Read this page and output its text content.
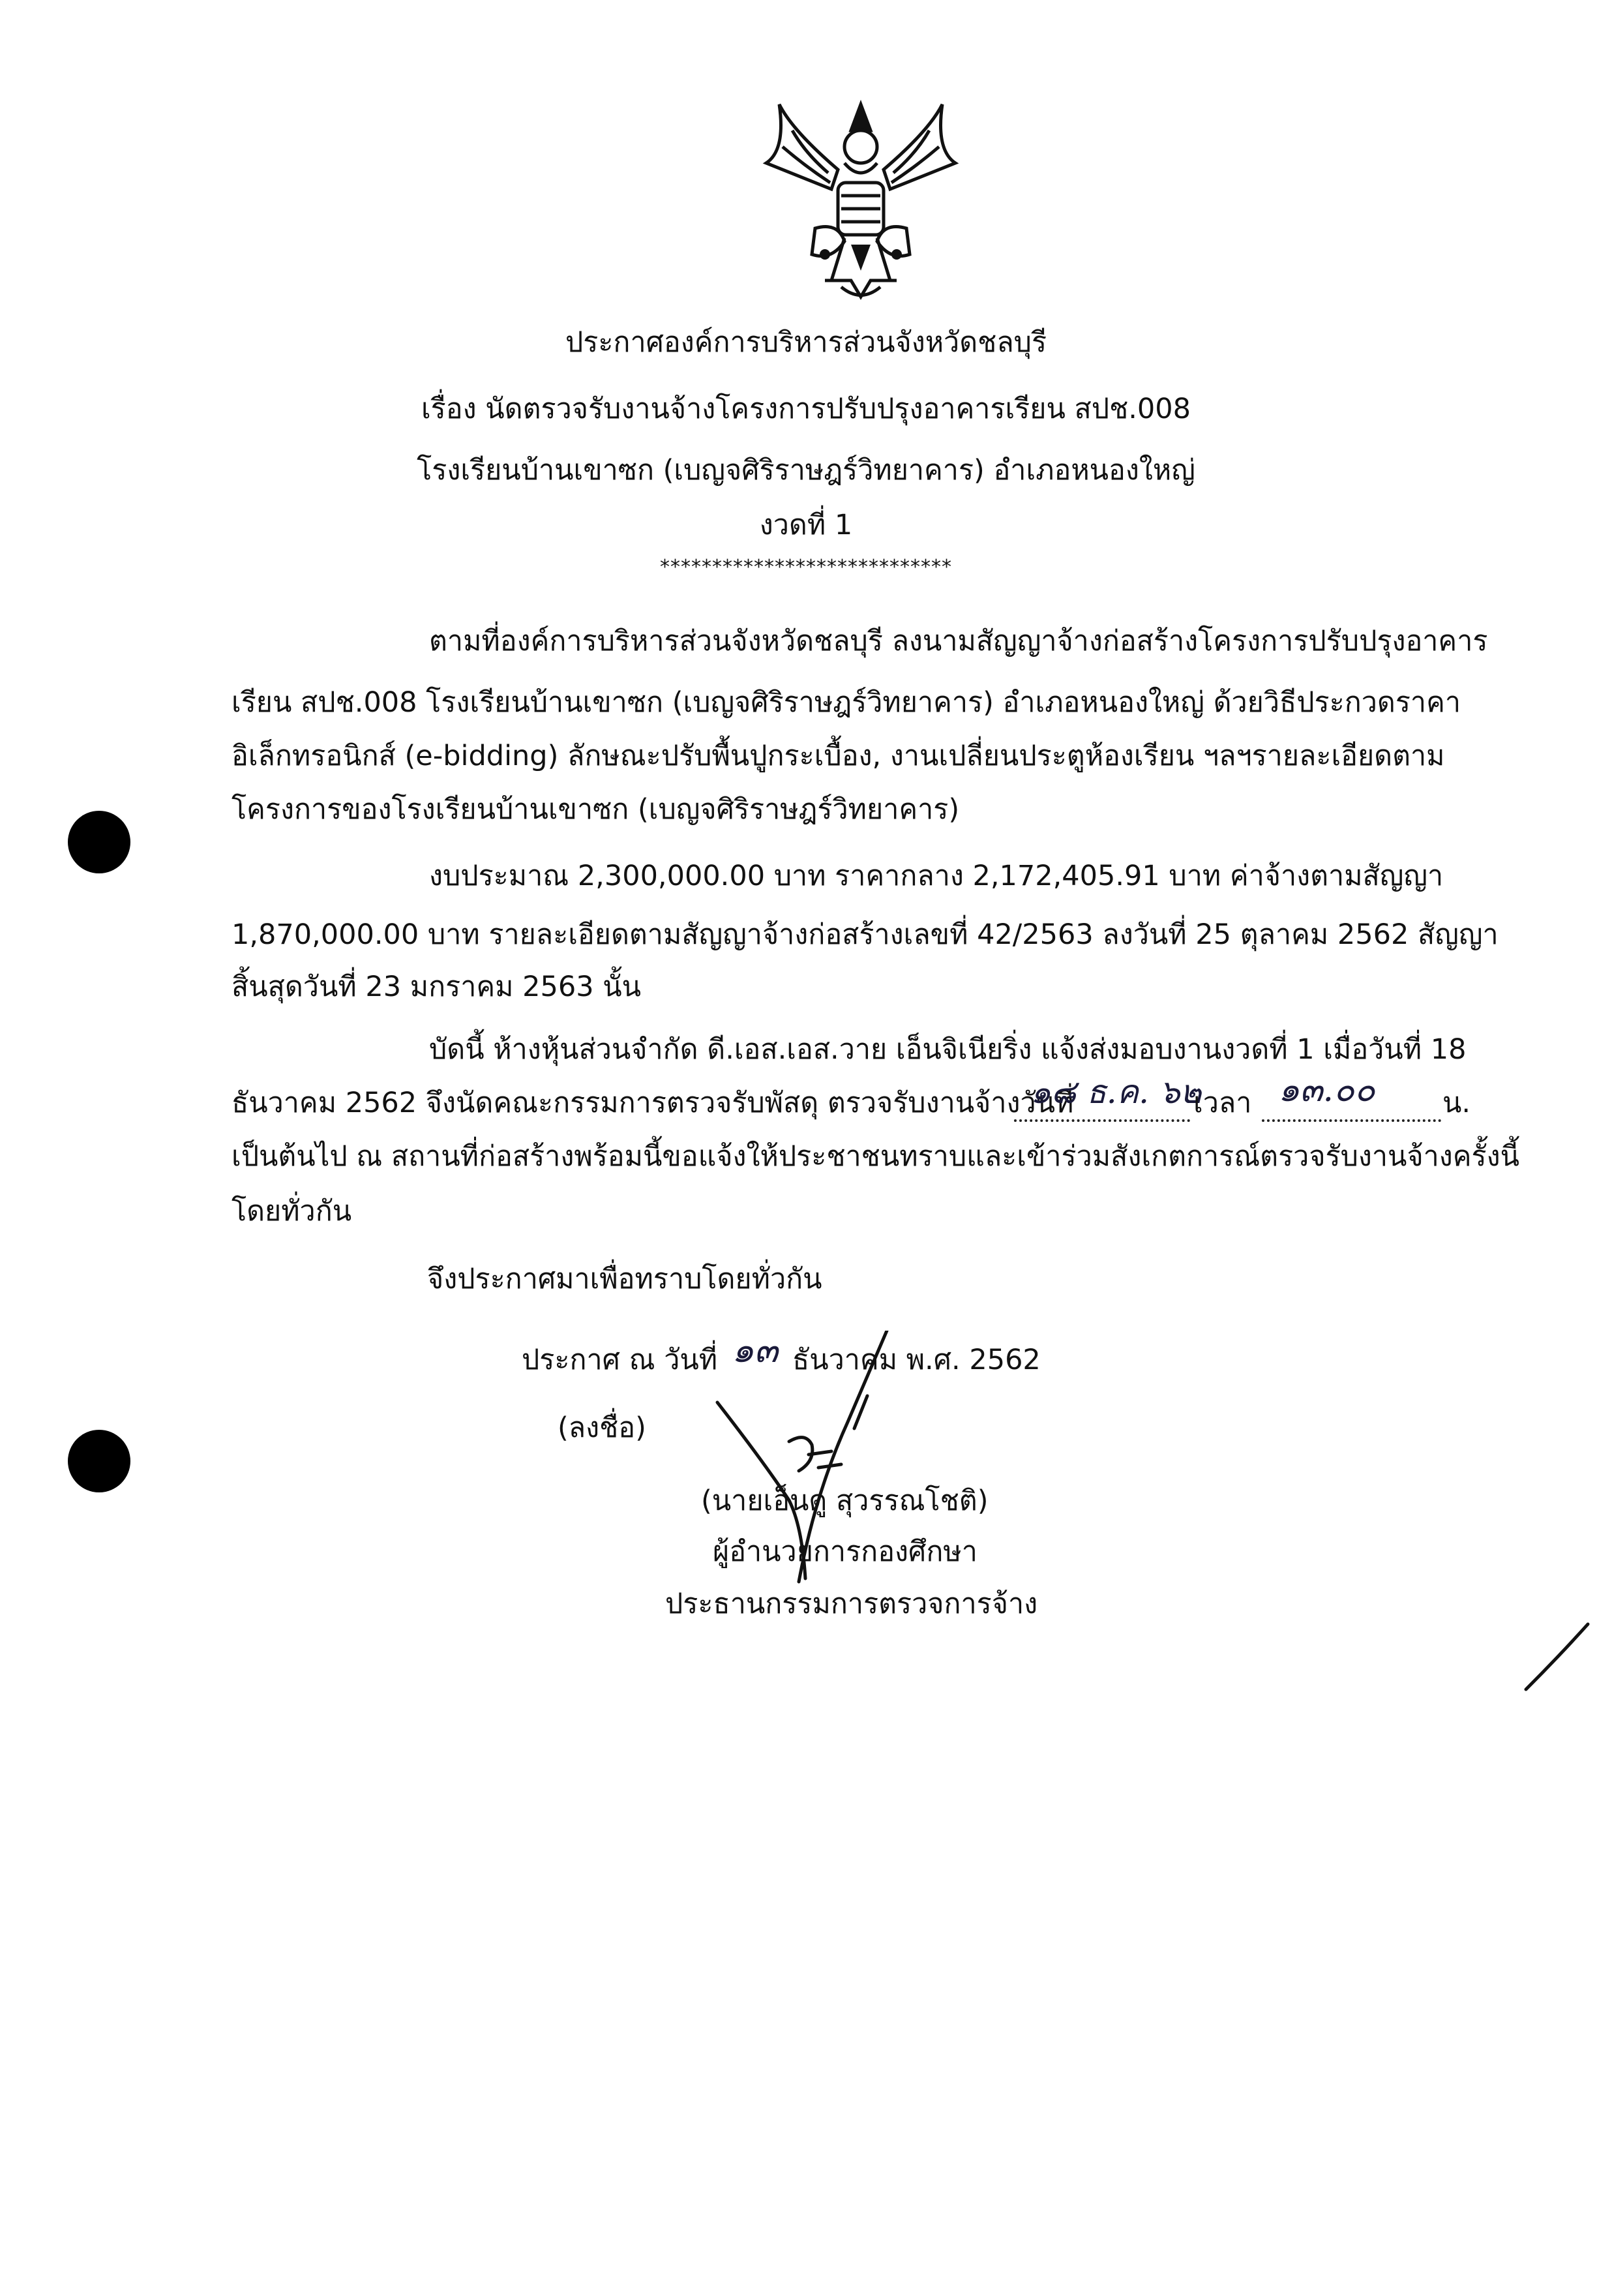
ประกาศองค์การบริหารส่วนจังหวัดชลบุรี
เรื่อง นัดตรวจรับงานจ้างโครงการปรับปรุงอาคารเรียน สปช.008
โรงเรียนบ้านเขาซก (เบญจศิริราษฎร์วิทยาคาร) อำเภอหนองใหญ่
งวดที่ 1
****************************
ตามที่องค์การบริหารส่วนจังหวัดชลบุรี ลงนามสัญญาจ้างก่อสร้างโครงการปรับปรุงอาคาร
เรียน สปช.008 โรงเรียนบ้านเขาซก (เบญจศิริราษฎร์วิทยาคาร) อำเภอหนองใหญ่ ด้วยวิธีประกวดราคา
อิเล็กทรอนิกส์ (e-bidding) ลักษณะปรับพื้นปูกระเบื้อง, งานเปลี่ยนประตูห้องเรียน ฯลฯรายละเอียดตาม
โครงการของโรงเรียนบ้านเขาซก (เบญจศิริราษฎร์วิทยาคาร)
งบประมาณ 2,300,000.00 บาท ราคากลาง 2,172,405.91 บาท ค่าจ้างตามสัญญา
1,870,000.00 บาท รายละเอียดตามสัญญาจ้างก่อสร้างเลขที่ 42/2563 ลงวันที่ 25 ตุลาคม 2562 สัญญา
สิ้นสุดวันที่ 23 มกราคม 2563 นั้น
บัดนี้ ห้างหุ้นส่วนจำกัด ดี.เอส.เอส.วาย เอ็นจิเนียริ่ง แจ้งส่งมอบงานงวดที่ 1 เมื่อวันที่ 18
ธันวาคม 2562 จึงนัดคณะกรรมการตรวจรับพัสดุ ตรวจรับงานจ้างวันที่
๑๘ ธ.ค. ๖๒
เวลา ๑๓.๐๐ น.
เป็นต้นไป ณ สถานที่ก่อสร้างพร้อมนี้ขอแจ้งให้ประชาชนทราบและเข้าร่วมสังเกตการณ์ตรวจรับงานจ้างครั้งนี้
โดยทั่วกัน
จึงประกาศมาเพื่อทราบโดยทั่วกัน
ประกาศ ณ วันที่ ๑๓ ธันวาคม พ.ศ. 2562
(ลงชื่อ)
(นายเอ็นดู สุวรรณโชติ)
ผู้อำนวยการกองศึกษา
ประธานกรรมการตรวจการจ้าง
